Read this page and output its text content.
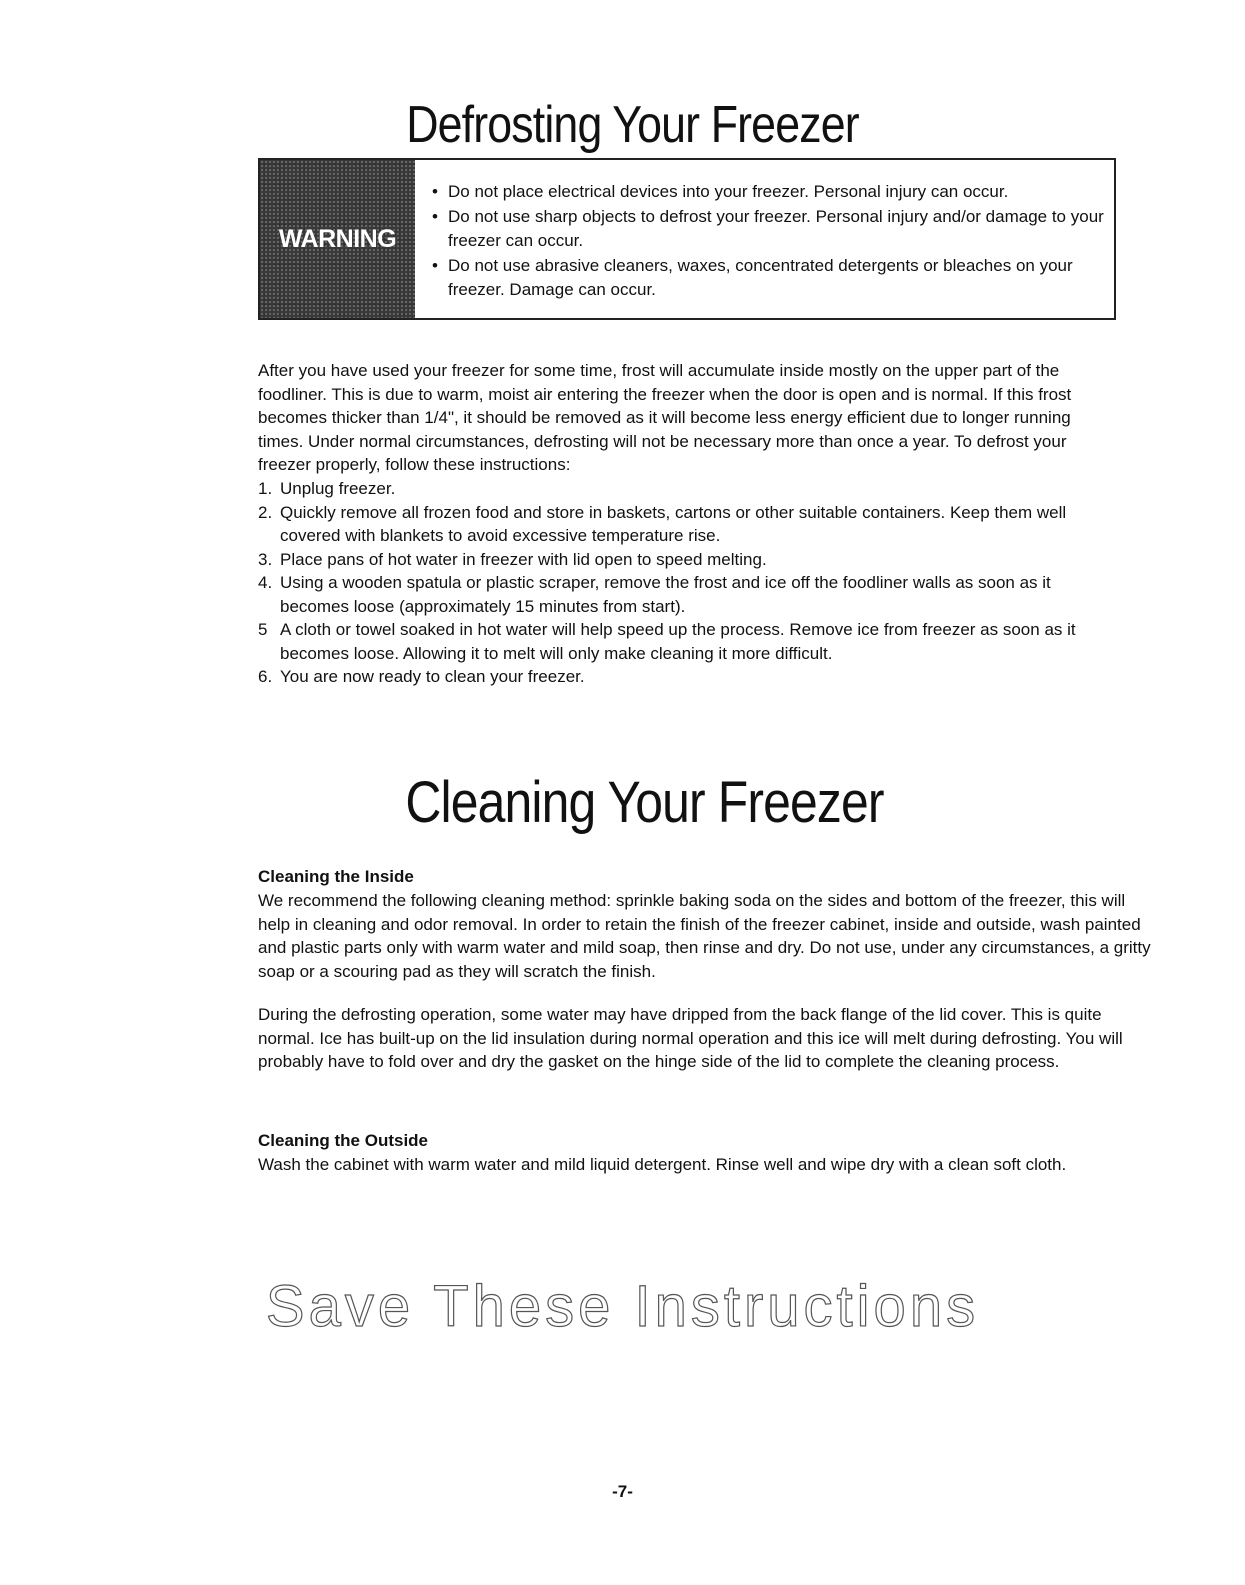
Defrosting Your Freezer
WARNING
• Do not place electrical devices into your freezer. Personal injury can occur.
• Do not use sharp objects to defrost your freezer. Personal injury and/or damage to your freezer can occur.
• Do not use abrasive cleaners, waxes, concentrated detergents or bleaches on your freezer. Damage can occur.

After you have used your freezer for some time, frost will accumulate inside mostly on the upper part of the foodliner. This is due to warm, moist air entering the freezer when the door is open and is normal. If this frost becomes thicker than 1/4", it should be removed as it will become less energy efficient due to longer running times. Under normal circumstances, defrosting will not be necessary more than once a year. To defrost your freezer properly, follow these instructions:

1. Unplug freezer.
2. Quickly remove all frozen food and store in baskets, cartons or other suitable containers. Keep them well covered with blankets to avoid excessive temperature rise.
3. Place pans of hot water in freezer with lid open to speed melting.
4. Using a wooden spatula or plastic scraper, remove the frost and ice off the foodliner walls as soon as it becomes loose (approximately 15 minutes from start).
5 A cloth or towel soaked in hot water will help speed up the process. Remove ice from freezer as soon as it becomes loose. Allowing it to melt will only make cleaning it more difficult.
6. You are now ready to clean your freezer.
Cleaning Your Freezer
Cleaning the Inside

We recommend the following cleaning method: sprinkle baking soda on the sides and bottom of the freezer, this will help in cleaning and odor removal. In order to retain the finish of the freezer cabinet, inside and outside, wash painted and plastic parts only with warm water and mild soap, then rinse and dry. Do not use, under any circumstances, a gritty soap or a scouring pad as they will scratch the finish.

During the defrosting operation, some water may have dripped from the back flange of the lid cover. This is quite normal. Ice has built-up on the lid insulation during normal operation and this ice will melt during defrosting. You will probably have to fold over and dry the gasket on the hinge side of the lid to complete the cleaning process.

Cleaning the Outside

Wash the cabinet with warm water and mild liquid detergent. Rinse well and wipe dry with a clean soft cloth.

Save These Instructions
-7-
